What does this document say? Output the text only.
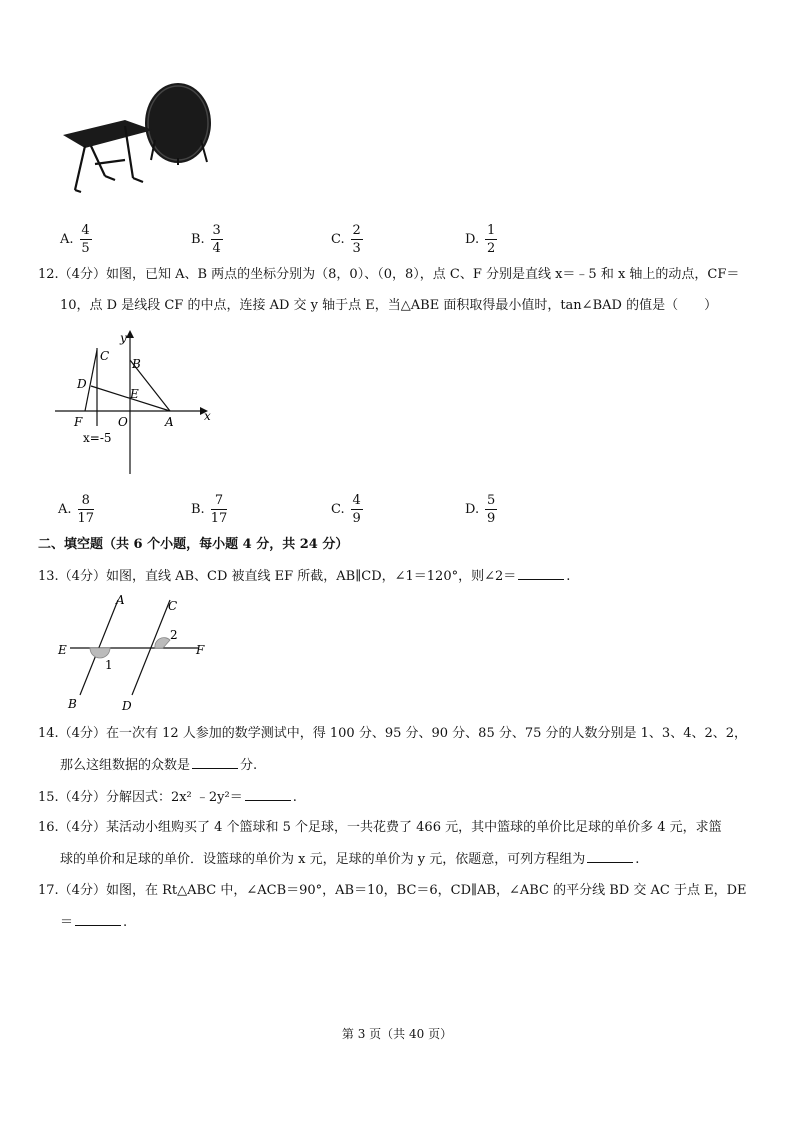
A. $\frac{4}{5}$	B. $\frac{3}{4}$	C. $\frac{2}{3}$	D. $\frac{1}{2}$
12.（4分）如图，已知 A、B 两点的坐标分别为（8，0）、（0，8），点 C、F 分别是直线 x＝﹣5 和 x 轴上的动点，CF＝
10，点 D 是线段 CF 的中点，连接 AD 交 y 轴于点 E，当△ABE 面积取得最小值时，tan∠BAD 的值是（　　）
y
x
C
B
D
E
F	O	A
x=-5
A. $\frac{8}{17}$	B. $\frac{7}{17}$	C. $\frac{4}{9}$	D. $\frac{5}{9}$
二、填空题（共 6 个小题，每小题 4 分，共 24 分）
13.（4分）如图，直线 AB、CD 被直线 EF 所截，AB∥CD，∠1＝120°，则∠2＝	.
A	C
2
E	F
1
B	D
14.（4分）在一次有 12 人参加的数学测试中，得 100 分、95 分、90 分、85 分、75 分的人数分别是 1、3、4、2、2，
那么这组数据的众数是	分.
15.（4分）分解因式：2x² ﹣2y²＝	.
16.（4分）某活动小组购买了 4 个篮球和 5 个足球，一共花费了 466 元，其中篮球的单价比足球的单价多 4 元，求篮
球的单价和足球的单价．设篮球的单价为 x 元，足球的单价为 y 元，依题意，可列方程组为	.
17.（4分）如图，在 Rt△ABC 中，∠ACB＝90°，AB＝10，BC＝6，CD∥AB，∠ABC 的平分线 BD 交 AC 于点 E，DE
＝	.
第 3 页（共 40 页）
